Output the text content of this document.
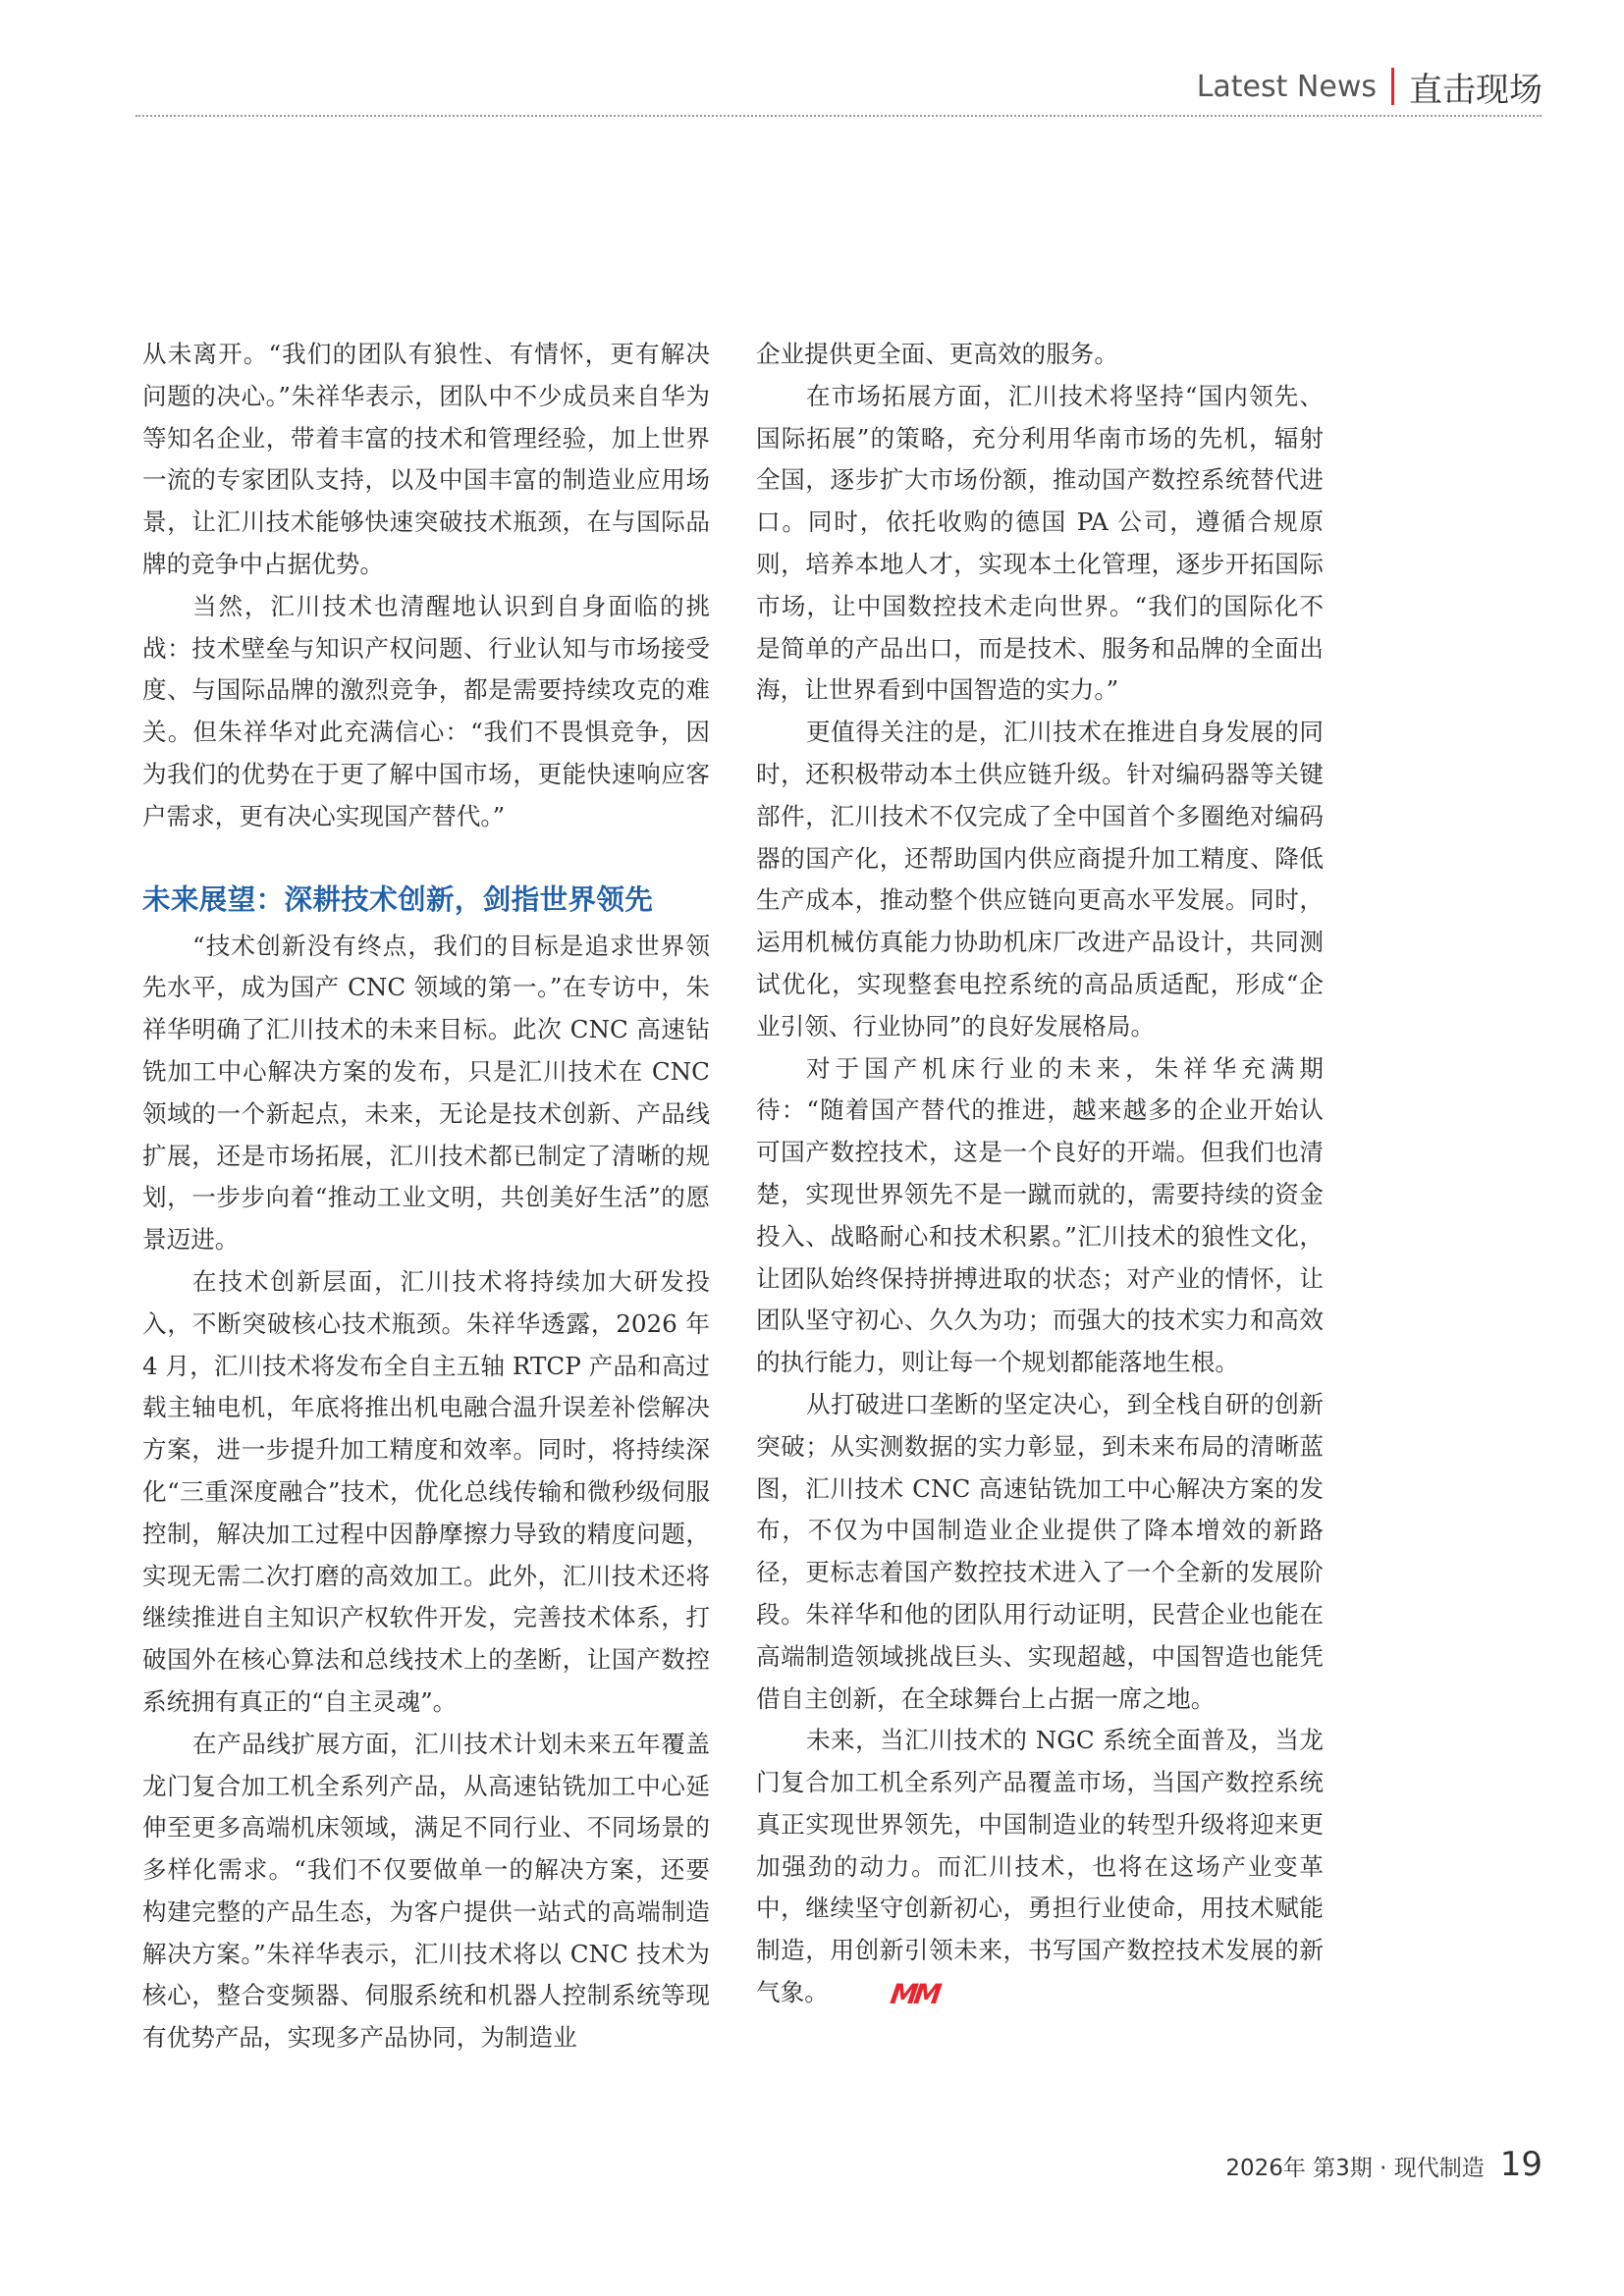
Latest News 直击现场

从未离开。“我们的团队有狼性、有情怀，更有解决问题的决心。”朱祥华表示，团队中不少成员来自华为等知名企业，带着丰富的技术和管理经验，加上世界一流的专家团队支持，以及中国丰富的制造业应用场景，让汇川技术能够快速突破技术瓶颈，在与国际品牌的竞争中占据优势。

当然，汇川技术也清醒地认识到自身面临的挑战：技术壁垒与知识产权问题、行业认知与市场接受度、与国际品牌的激烈竞争，都是需要持续攻克的难关。但朱祥华对此充满信心：“我们不畏惧竞争，因为我们的优势在于更了解中国市场，更能快速响应客户需求，更有决心实现国产替代。”

未来展望：深耕技术创新，剑指世界领先

“技术创新没有终点，我们的目标是追求世界领先水平，成为国产 CNC 领域的第一。”在专访中，朱祥华明确了汇川技术的未来目标。此次 CNC 高速钻铣加工中心解决方案的发布，只是汇川技术在 CNC 领域的一个新起点，未来，无论是技术创新、产品线扩展，还是市场拓展，汇川技术都已制定了清晰的规划，一步步向着“推动工业文明，共创美好生活”的愿景迈进。

在技术创新层面，汇川技术将持续加大研发投入，不断突破核心技术瓶颈。朱祥华透露，2026 年 4 月，汇川技术将发布全自主五轴 RTCP 产品和高过载主轴电机，年底将推出机电融合温升误差补偿解决方案，进一步提升加工精度和效率。同时，将持续深化“三重深度融合”技术，优化总线传输和微秒级伺服控制，解决加工过程中因静摩擦力导致的精度问题，实现无需二次打磨的高效加工。此外，汇川技术还将继续推进自主知识产权软件开发，完善技术体系，打破国外在核心算法和总线技术上的垄断，让国产数控系统拥有真正的“自主灵魂”。

在产品线扩展方面，汇川技术计划未来五年覆盖龙门复合加工机全系列产品，从高速钻铣加工中心延伸至更多高端机床领域，满足不同行业、不同场景的多样化需求。“我们不仅要做单一的解决方案，还要构建完整的产品生态，为客户提供一站式的高端制造解决方案。”朱祥华表示，汇川技术将以 CNC 技术为核心，整合变频器、伺服系统和机器人控制系统等现有优势产品，实现多产品协同，为制造业

企业提供更全面、更高效的服务。

在市场拓展方面，汇川技术将坚持“国内领先、国际拓展”的策略，充分利用华南市场的先机，辐射全国，逐步扩大市场份额，推动国产数控系统替代进口。同时，依托收购的德国 PA 公司，遵循合规原则，培养本地人才，实现本土化管理，逐步开拓国际市场，让中国数控技术走向世界。“我们的国际化不是简单的产品出口，而是技术、服务和品牌的全面出海，让世界看到中国智造的实力。”

更值得关注的是，汇川技术在推进自身发展的同时，还积极带动本土供应链升级。针对编码器等关键部件，汇川技术不仅完成了全中国首个多圈绝对编码器的国产化，还帮助国内供应商提升加工精度、降低生产成本，推动整个供应链向更高水平发展。同时，运用机械仿真能力协助机床厂改进产品设计，共同测试优化，实现整套电控系统的高品质适配，形成“企业引领、行业协同”的良好发展格局。

对于国产机床行业的未来，朱祥华充满期待：“随着国产替代的推进，越来越多的企业开始认可国产数控技术，这是一个良好的开端。但我们也清楚，实现世界领先不是一蹴而就的，需要持续的资金投入、战略耐心和技术积累。”汇川技术的狼性文化，让团队始终保持拼搏进取的状态；对产业的情怀，让团队坚守初心、久久为功；而强大的技术实力和高效的执行能力，则让每一个规划都能落地生根。

从打破进口垄断的坚定决心，到全栈自研的创新突破；从实测数据的实力彰显，到未来布局的清晰蓝图，汇川技术 CNC 高速钻铣加工中心解决方案的发布，不仅为中国制造业企业提供了降本增效的新路径，更标志着国产数控技术进入了一个全新的发展阶段。朱祥华和他的团队用行动证明，民营企业也能在高端制造领域挑战巨头、实现超越，中国智造也能凭借自主创新，在全球舞台上占据一席之地。

未来，当汇川技术的 NGC 系统全面普及，当龙门复合加工机全系列产品覆盖市场，当国产数控系统真正实现世界领先，中国制造业的转型升级将迎来更加强劲的动力。而汇川技术，也将在这场产业变革中，继续坚守创新初心，勇担行业使命，用技术赋能制造，用创新引领未来，书写国产数控技术发展的新气象。 MM

2026年 第3期 · 现代制造 19
